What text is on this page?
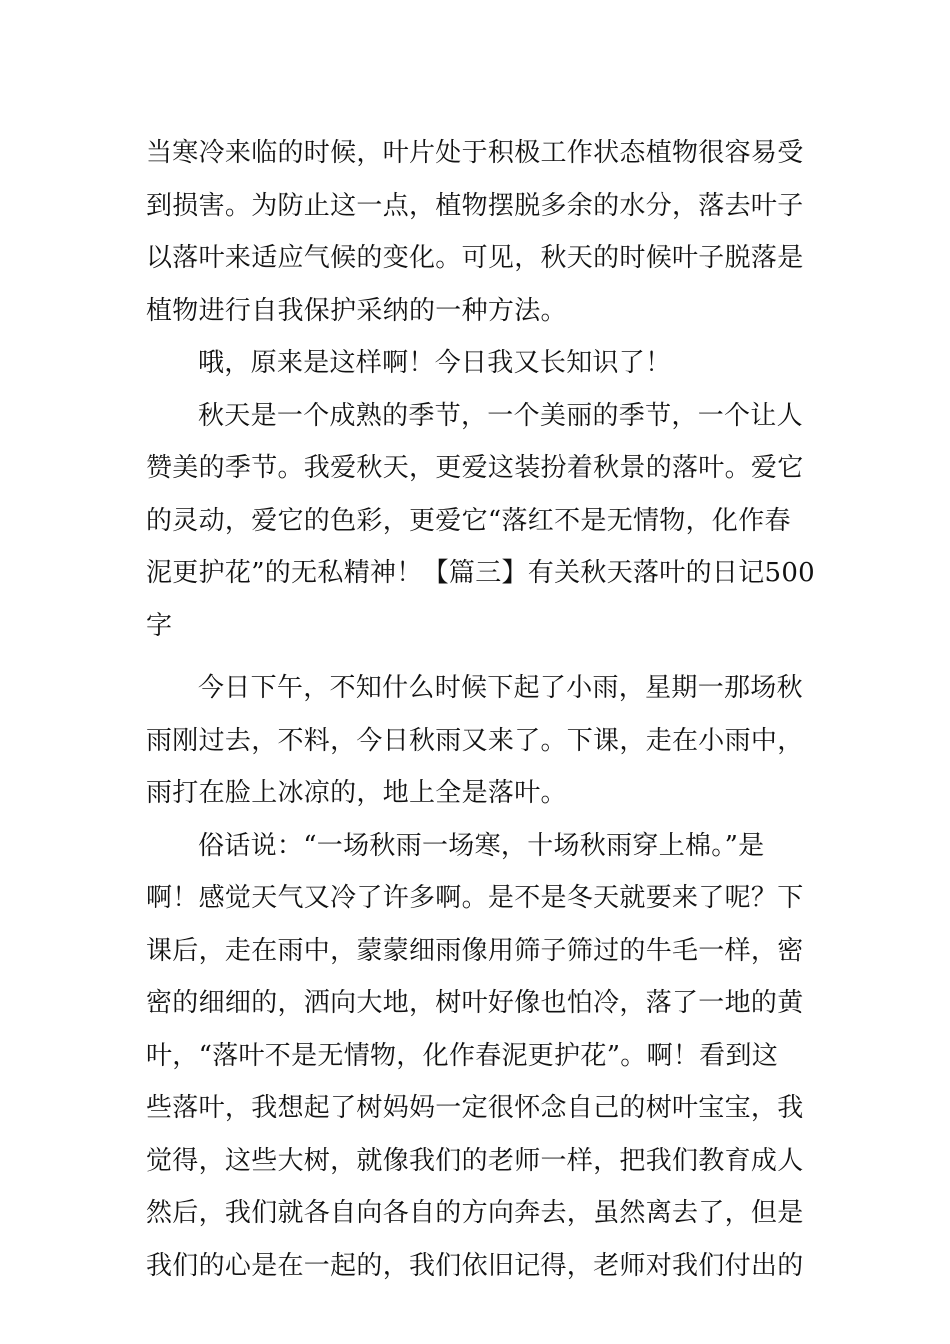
当寒冷来临的时候，叶片处于积极工作状态植物很容易受
到损害。为防止这一点，植物摆脱多余的水分，落去叶子
以落叶来适应气候的变化。可见，秋天的时候叶子脱落是
植物进行自我保护采纳的一种方法。
哦，原来是这样啊！今日我又长知识了！
秋天是一个成熟的季节，一个美丽的季节，一个让人
赞美的季节。我爱秋天，更爱这装扮着秋景的落叶。爱它
的灵动，爱它的色彩，更爱它“落红不是无情物，化作春
泥更护花”的无私精神！【篇三】有关秋天落叶的日记500
字
今日下午，不知什么时候下起了小雨，星期一那场秋
雨刚过去，不料，今日秋雨又来了。下课，走在小雨中，
雨打在脸上冰凉的，地上全是落叶。
俗话说：“一场秋雨一场寒，十场秋雨穿上棉。”是
啊！感觉天气又冷了许多啊。是不是冬天就要来了呢？下
课后，走在雨中，蒙蒙细雨像用筛子筛过的牛毛一样，密
密的细细的，洒向大地，树叶好像也怕冷，落了一地的黄
叶，“落叶不是无情物，化作春泥更护花”。啊！看到这
些落叶，我想起了树妈妈一定很怀念自己的树叶宝宝，我
觉得，这些大树，就像我们的老师一样，把我们教育成人
然后，我们就各自向各自的方向奔去，虽然离去了，但是
我们的心是在一起的，我们依旧记得，老师对我们付出的
